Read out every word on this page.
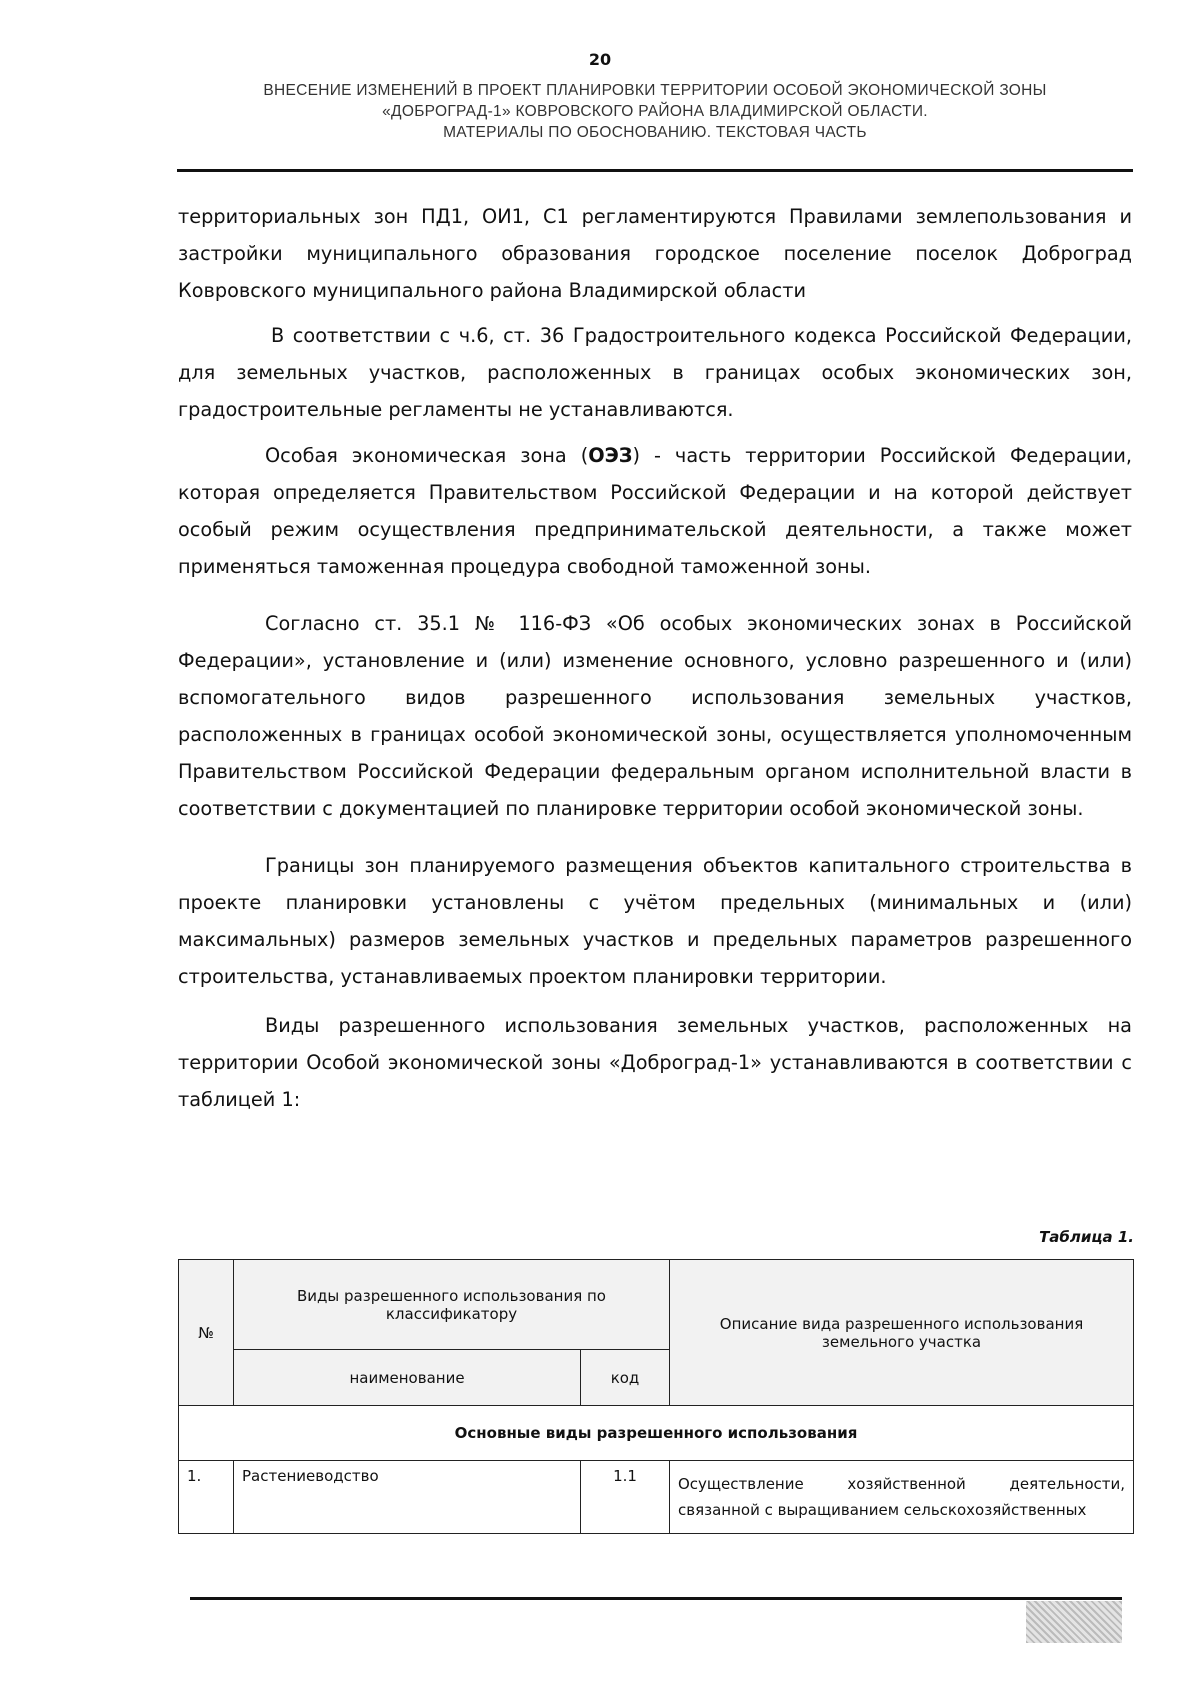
20
ВНЕСЕНИЕ ИЗМЕНЕНИЙ В ПРОЕКТ ПЛАНИРОВКИ ТЕРРИТОРИИ ОСОБОЙ ЭКОНОМИЧЕСКОЙ ЗОНЫ
«ДОБРОГРАД-1» КОВРОВСКОГО РАЙОНА ВЛАДИМИРСКОЙ ОБЛАСТИ.
МАТЕРИАЛЫ ПО ОБОСНОВАНИЮ. ТЕКСТОВАЯ ЧАСТЬ

территориальных зон ПД1, ОИ1, С1 регламентируются Правилами землепользования и застройки муниципального образования городское поселение поселок Доброград Ковровского муниципального района Владимирской области

В соответствии с ч.6, ст. 36 Градостроительного кодекса Российской Федерации, для земельных участков, расположенных в границах особых экономических зон, градостроительные регламенты не устанавливаются.

Особая экономическая зона (ОЭЗ) - часть территории Российской Федерации, которая определяется Правительством Российской Федерации и на которой действует особый режим осуществления предпринимательской деятельности, а также может применяться таможенная процедура свободной таможенной зоны.

Согласно ст. 35.1 № 116-ФЗ «Об особых экономических зонах в Российской Федерации», установление и (или) изменение основного, условно разрешенного и (или) вспомогательного видов разрешенного использования земельных участков, расположенных в границах особой экономической зоны, осуществляется уполномоченным Правительством Российской Федерации федеральным органом исполнительной власти в соответствии с документацией по планировке территории особой экономической зоны.

Границы зон планируемого размещения объектов капитального строительства в проекте планировки установлены с учётом предельных (минимальных и (или) максимальных) размеров земельных участков и предельных параметров разрешенного строительства, устанавливаемых проектом планировки территории.

Виды разрешенного использования земельных участков, расположенных на территории Особой экономической зоны «Доброград-1» устанавливаются в соответствии с таблицей 1:

Таблица 1.
№	Виды разрешенного использования по классификатору		Описание вида разрешенного использования земельного участка
	наименование	код	
Основные виды разрешенного использования			
1.	Растениеводство	1.1	Осуществление хозяйственной деятельности, связанной с выращиванием сельскохозяйственных
